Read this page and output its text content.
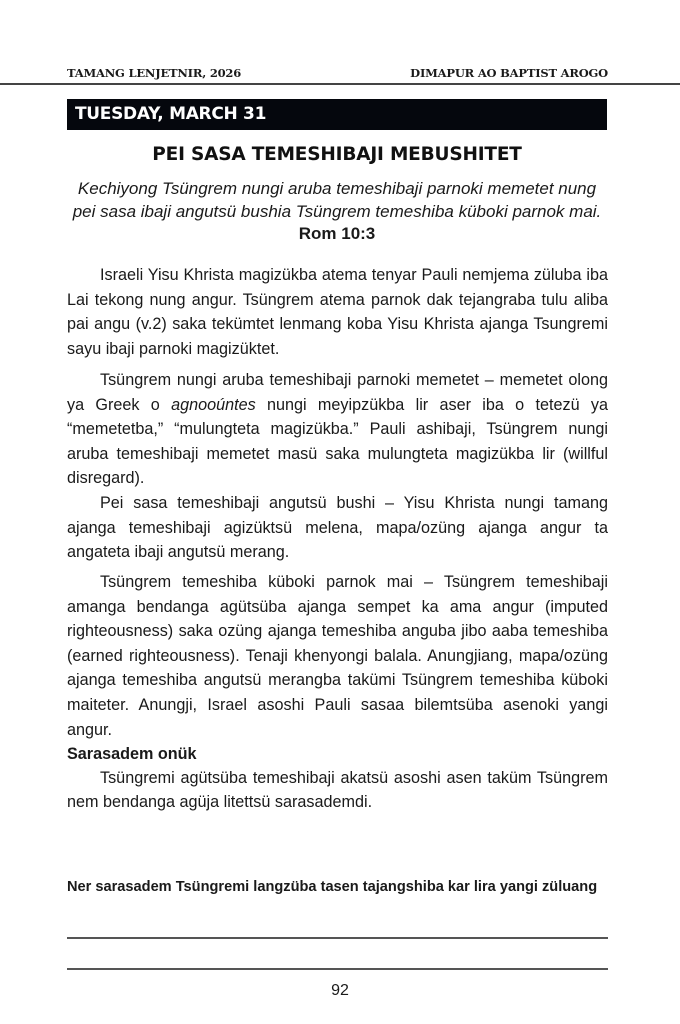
TAMANG LENJETNIR, 2026	DIMAPUR AO BAPTIST AROGO
TUESDAY, MARCH 31
PEI SASA TEMESHIBAJI MEBUSHITET
Kechiyong Tsüngrem nungi aruba temeshibaji parnoki memetet nung pei sasa ibaji angutsü bushia Tsüngrem temeshiba küboki parnok mai. Rom 10:3

Israeli Yisu Khrista magizükba atema tenyar Pauli nemjema züluba iba Lai tekong nung angur. Tsüngrem atema parnok dak tejangraba tulu aliba pai angu (v.2) saka tekümtet lenmang koba Yisu Khrista ajanga Tsungremi sayu ibaji parnoki magizüktet.

Tsüngrem nungi aruba temeshibaji parnoki memetet – memetet olong ya Greek o agnooúntes nungi meyipzükba lir aser iba o tetezü ya “memetetba,” “mulungteta magizükba.” Pauli ashibaji, Tsüngrem nungi aruba temeshibaji memetet masü saka mulungteta magizükba lir (willful disregard).

Pei sasa temeshibaji angutsü bushi – Yisu Khrista nungi tamang ajanga temeshibaji agizüktsü melena, mapa/ozüng ajanga angur ta angateta ibaji angutsü merang.

Tsüngrem temeshiba küboki parnok mai – Tsüngrem temeshibaji amanga bendanga agütsüba ajanga sempet ka ama angur (imputed righteousness) saka ozüng ajanga temeshiba anguba jibo aaba temeshiba (earned righteousness). Tenaji khenyongi balala. Anungjiang, mapa/ozüng ajanga temeshiba angutsü merangba takümi Tsüngrem temeshiba küboki maiteter. Anungji, Israel asoshi Pauli sasaa bilemtsüba asenoki yangi angur.

Sarasadem onük
Tsüngremi agütsüba temeshibaji akatsü asoshi asen taküm Tsüngrem nem bendanga agüja litettsü sarasademdi.
Ner sarasadem Tsüngremi langzüba tasen tajangshiba kar lira yangi züluang
92
